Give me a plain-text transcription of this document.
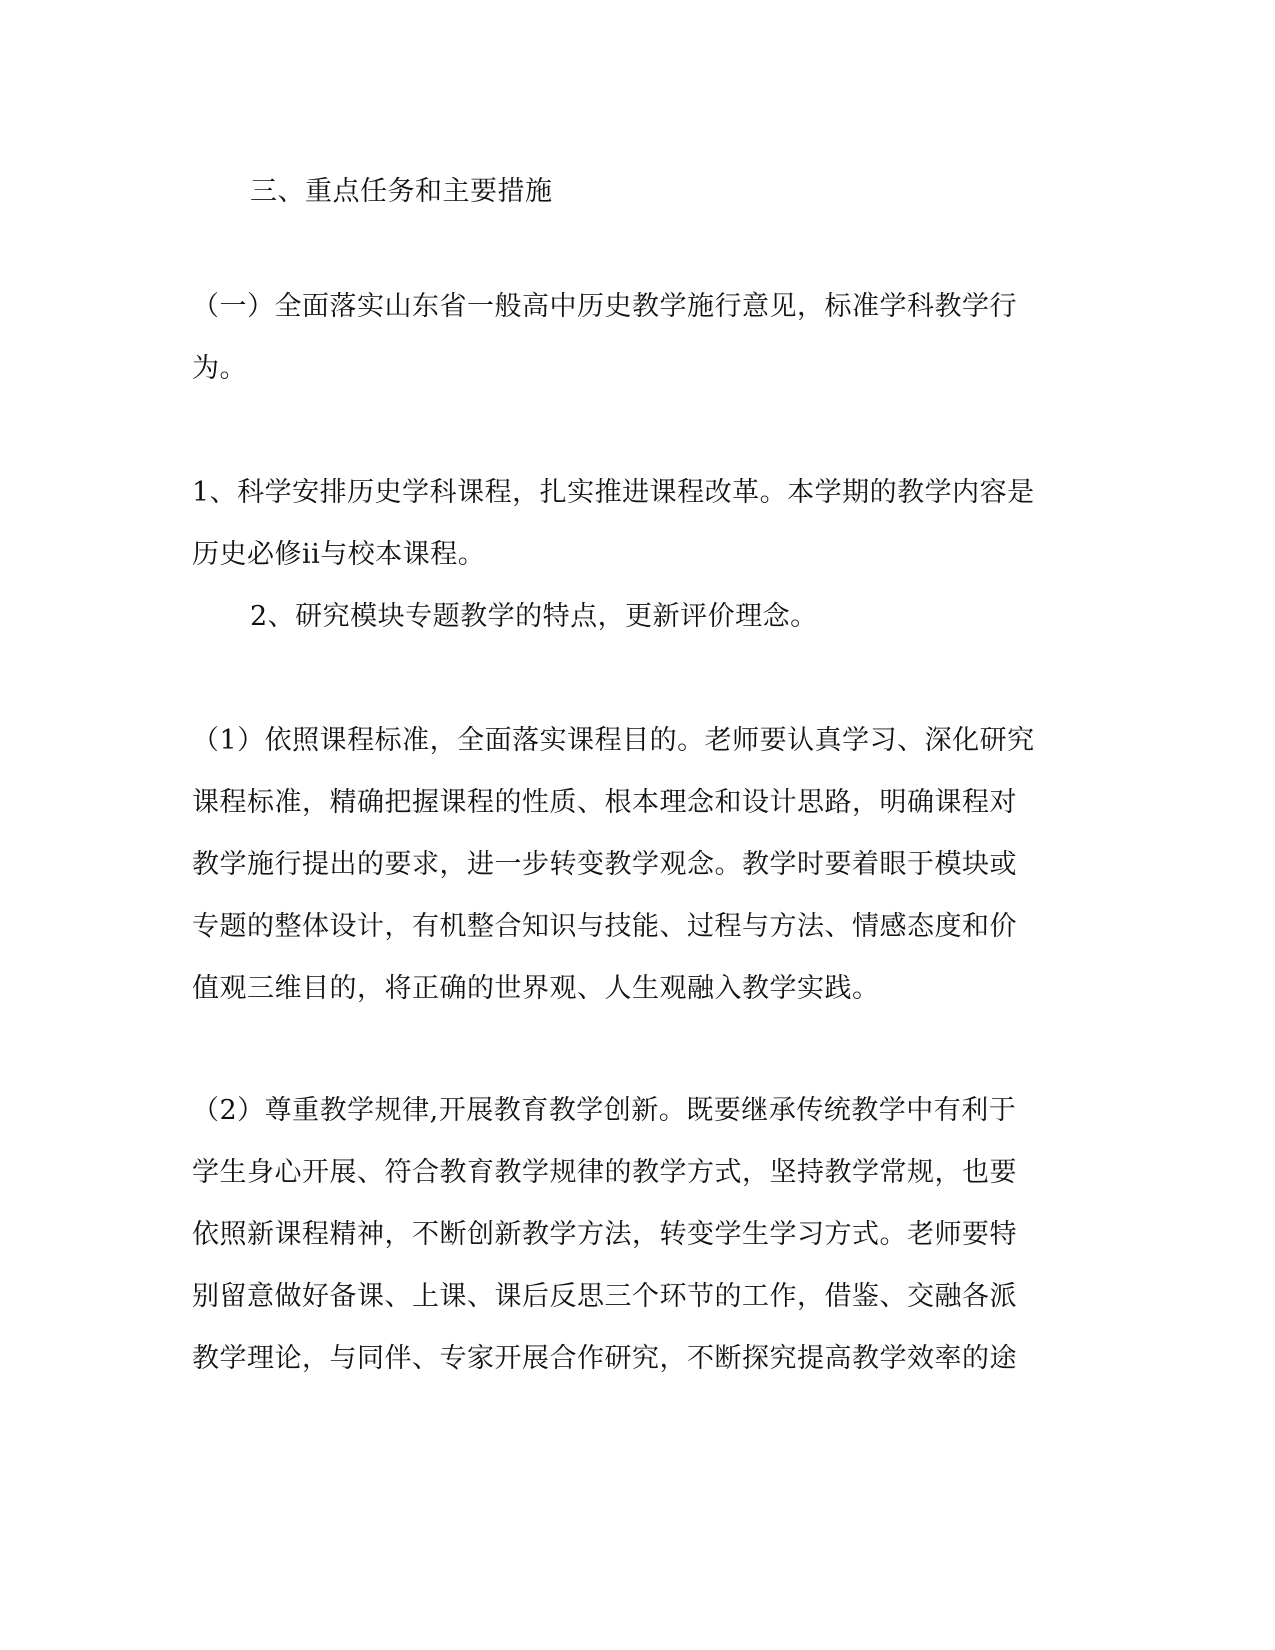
三、重点任务和主要措施
（一）全面落实山东省一般高中历史教学施行意见，标准学科教学行
为。
1、科学安排历史学科课程，扎实推进课程改革。本学期的教学内容是
历史必修ii与校本课程。
2、研究模块专题教学的特点，更新评价理念。
（1）依照课程标准，全面落实课程目的。老师要认真学习、深化研究
课程标准，精确把握课程的性质、根本理念和设计思路，明确课程对
教学施行提出的要求，进一步转变教学观念。教学时要着眼于模块或
专题的整体设计，有机整合知识与技能、过程与方法、情感态度和价
值观三维目的，将正确的世界观、人生观融入教学实践。
（2）尊重教学规律,开展教育教学创新。既要继承传统教学中有利于
学生身心开展、符合教育教学规律的教学方式，坚持教学常规，也要
依照新课程精神，不断创新教学方法，转变学生学习方式。老师要特
别留意做好备课、上课、课后反思三个环节的工作，借鉴、交融各派
教学理论，与同伴、专家开展合作研究，不断探究提高教学效率的途
